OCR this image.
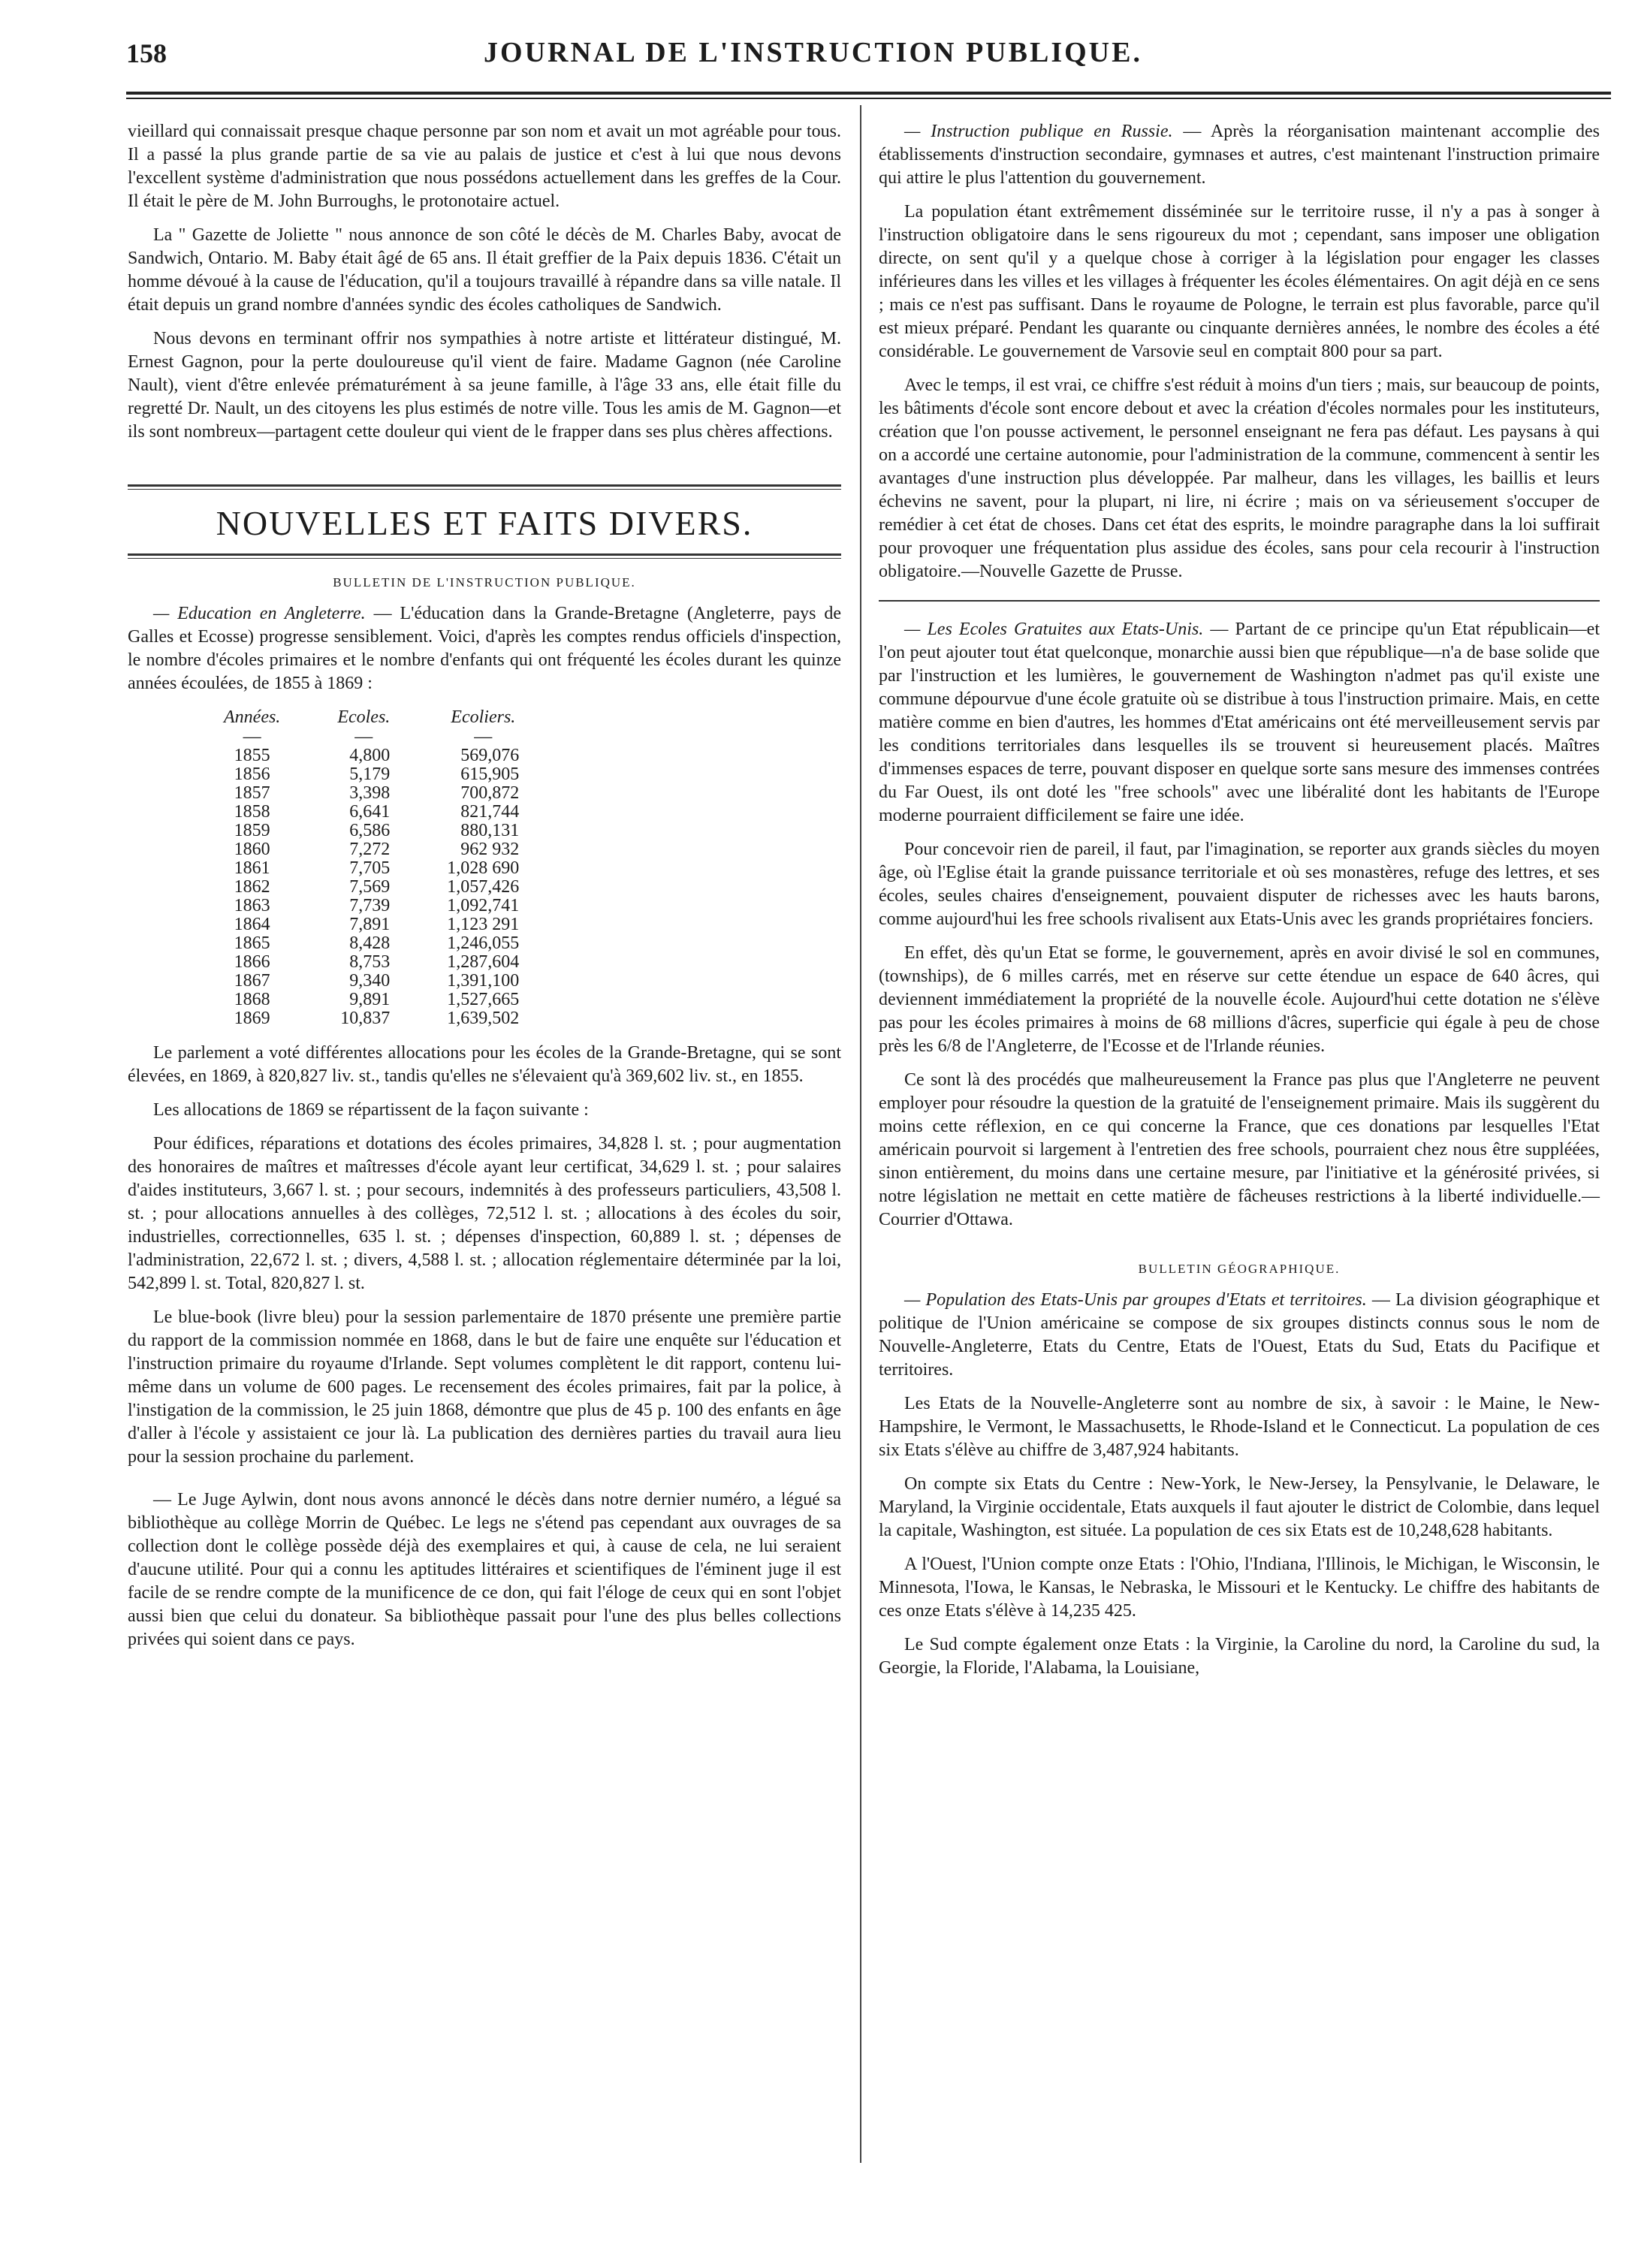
158	JOURNAL DE L'INSTRUCTION PUBLIQUE.

vieillard qui connaissait presque chaque personne par son nom et avait un mot agréable pour tous. Il a passé la plus grande partie de sa vie au palais de justice et c'est à lui que nous devons l'excellent système d'administration que nous possédons actuellement dans les greffes de la Cour. Il était le père de M. John Burroughs, le protonotaire actuel.

La " Gazette de Joliette " nous annonce de son côté le décès de M. Charles Baby, avocat de Sandwich, Ontario. M. Baby était âgé de 65 ans. Il était greffier de la Paix depuis 1836. C'était un homme dévoué à la cause de l'éducation, qu'il a toujours travaillé à répandre dans sa ville natale. Il était depuis un grand nombre d'années syndic des écoles catholiques de Sandwich.

Nous devons en terminant offrir nos sympathies à notre artiste et littérateur distingué, M. Ernest Gagnon, pour la perte douloureuse qu'il vient de faire. Madame Gagnon (née Caroline Nault), vient d'être enlevée prématurément à sa jeune famille, à l'âge 33 ans, elle était fille du regretté Dr. Nault, un des citoyens les plus estimés de notre ville. Tous les amis de M. Gagnon—et ils sont nombreux—partagent cette douleur qui vient de le frapper dans ses plus chères affections.

NOUVELLES ET FAITS DIVERS.
BULLETIN DE L'INSTRUCTION PUBLIQUE.

— Education en Angleterre. — L'éducation dans la Grande-Bretagne (Angleterre, pays de Galles et Ecosse) progresse sensiblement. Voici, d'après les comptes rendus officiels d'inspection, le nombre d'écoles primaires et le nombre d'enfants qui ont fréquenté les écoles durant les quinze années écoulées, de 1855 à 1869 :

Années.	Ecoles.	Ecoliers.
—	—	—
1855	4,800	569,076
1856	5,179	615,905
1857	3,398	700,872
1858	6,641	821,744
1859	6,586	880,131
1860	7,272	962 932
1861	7,705	1,028 690
1862	7,569	1,057,426
1863	7,739	1,092,741
1864	7,891	1,123 291
1865	8,428	1,246,055
1866	8,753	1,287,604
1867	9,340	1,391,100
1868	9,891	1,527,665
1869	10,837	1,639,502

Le parlement a voté différentes allocations pour les écoles de la Grande-Bretagne, qui se sont élevées, en 1869, à 820,827 liv. st., tandis qu'elles ne s'élevaient qu'à 369,602 liv. st., en 1855.

Les allocations de 1869 se répartissent de la façon suivante :

Pour édifices, réparations et dotations des écoles primaires, 34,828 l. st. ; pour augmentation des honoraires de maîtres et maîtresses d'école ayant leur certificat, 34,629 l. st. ; pour salaires d'aides instituteurs, 3,667 l. st. ; pour secours, indemnités à des professeurs particuliers, 43,508 l. st. ; pour allocations annuelles à des collèges, 72,512 l. st. ; allocations à des écoles du soir, industrielles, correctionnelles, 635 l. st. ; dépenses d'inspection, 60,889 l. st. ; dépenses de l'administration, 22,672 l. st. ; divers, 4,588 l. st. ; allocation réglementaire déterminée par la loi, 542,899 l. st. Total, 820,827 l. st.

Le blue-book (livre bleu) pour la session parlementaire de 1870 présente une première partie du rapport de la commission nommée en 1868, dans le but de faire une enquête sur l'éducation et l'instruction primaire du royaume d'Irlande. Sept volumes complètent le dit rapport, contenu lui-même dans un volume de 600 pages. Le recensement des écoles primaires, fait par la police, à l'instigation de la commission, le 25 juin 1868, démontre que plus de 45 p. 100 des enfants en âge d'aller à l'école y assistaient ce jour là. La publication des dernières parties du travail aura lieu pour la session prochaine du parlement.

— Le Juge Aylwin, dont nous avons annoncé le décès dans notre dernier numéro, a légué sa bibliothèque au collège Morrin de Québec. Le legs ne s'étend pas cependant aux ouvrages de sa collection dont le collège possède déjà des exemplaires et qui, à cause de cela, ne lui seraient d'aucune utilité. Pour qui a connu les aptitudes littéraires et scientifiques de l'éminent juge il est facile de se rendre compte de la munificence de ce don, qui fait l'éloge de ceux qui en sont l'objet aussi bien que celui du donateur. Sa bibliothèque passait pour l'une des plus belles collections privées qui soient dans ce pays.

— Instruction publique en Russie. — Après la réorganisation maintenant accomplie des établissements d'instruction secondaire, gymnases et autres, c'est maintenant l'instruction primaire qui attire le plus l'attention du gouvernement.

La population étant extrêmement disséminée sur le territoire russe, il n'y a pas à songer à l'instruction obligatoire dans le sens rigoureux du mot ; cependant, sans imposer une obligation directe, on sent qu'il y a quelque chose à corriger à la législation pour engager les classes inférieures dans les villes et les villages à fréquenter les écoles élémentaires. On agit déjà en ce sens ; mais ce n'est pas suffisant. Dans le royaume de Pologne, le terrain est plus favorable, parce qu'il est mieux préparé. Pendant les quarante ou cinquante dernières années, le nombre des écoles a été considérable. Le gouvernement de Varsovie seul en comptait 800 pour sa part.

Avec le temps, il est vrai, ce chiffre s'est réduit à moins d'un tiers ; mais, sur beaucoup de points, les bâtiments d'école sont encore debout et avec la création d'écoles normales pour les instituteurs, création que l'on pousse activement, le personnel enseignant ne fera pas défaut. Les paysans à qui on a accordé une certaine autonomie, pour l'administration de la commune, commencent à sentir les avantages d'une instruction plus développée. Par malheur, dans les villages, les baillis et leurs échevins ne savent, pour la plupart, ni lire, ni écrire ; mais on va sérieusement s'occuper de remédier à cet état de choses. Dans cet état des esprits, le moindre paragraphe dans la loi suffirait pour provoquer une fréquentation plus assidue des écoles, sans pour cela recourir à l'instruction obligatoire.—Nouvelle Gazette de Prusse.

— Les Ecoles Gratuites aux Etats-Unis. — Partant de ce principe qu'un Etat républicain—et l'on peut ajouter tout état quelconque, monarchie aussi bien que république—n'a de base solide que par l'instruction et les lumières, le gouvernement de Washington n'admet pas qu'il existe une commune dépourvue d'une école gratuite où se distribue à tous l'instruction primaire. Mais, en cette matière comme en bien d'autres, les hommes d'Etat américains ont été merveilleusement servis par les conditions territoriales dans lesquelles ils se trouvent si heureusement placés. Maîtres d'immenses espaces de terre, pouvant disposer en quelque sorte sans mesure des immenses contrées du Far Ouest, ils ont doté les "free schools" avec une libéralité dont les habitants de l'Europe moderne pourraient difficilement se faire une idée.

Pour concevoir rien de pareil, il faut, par l'imagination, se reporter aux grands siècles du moyen âge, où l'Eglise était la grande puissance territoriale et où ses monastères, refuge des lettres, et ses écoles, seules chaires d'enseignement, pouvaient disputer de richesses avec les hauts barons, comme aujourd'hui les free schools rivalisent aux Etats-Unis avec les grands propriétaires fonciers.

En effet, dès qu'un Etat se forme, le gouvernement, après en avoir divisé le sol en communes, (townships), de 6 milles carrés, met en réserve sur cette étendue un espace de 640 âcres, qui deviennent immédiatement la propriété de la nouvelle école. Aujourd'hui cette dotation ne s'élève pas pour les écoles primaires à moins de 68 millions d'âcres, superficie qui égale à peu de chose près les 6/8 de l'Angleterre, de l'Ecosse et de l'Irlande réunies.

Ce sont là des procédés que malheureusement la France pas plus que l'Angleterre ne peuvent employer pour résoudre la question de la gratuité de l'enseignement primaire. Mais ils suggèrent du moins cette réflexion, en ce qui concerne la France, que ces donations par lesquelles l'Etat américain pourvoit si largement à l'entretien des free schools, pourraient chez nous être suppléées, sinon entièrement, du moins dans une certaine mesure, par l'initiative et la générosité privées, si notre législation ne mettait en cette matière de fâcheuses restrictions à la liberté individuelle.—Courrier d'Ottawa.

BULLETIN GÉOGRAPHIQUE.

— Population des Etats-Unis par groupes d'Etats et territoires. — La division géographique et politique de l'Union américaine se compose de six groupes distincts connus sous le nom de Nouvelle-Angleterre, Etats du Centre, Etats de l'Ouest, Etats du Sud, Etats du Pacifique et territoires.

Les Etats de la Nouvelle-Angleterre sont au nombre de six, à savoir : le Maine, le New-Hampshire, le Vermont, le Massachusetts, le Rhode-Island et le Connecticut. La population de ces six Etats s'élève au chiffre de 3,487,924 habitants.

On compte six Etats du Centre : New-York, le New-Jersey, la Pensylvanie, le Delaware, le Maryland, la Virginie occidentale, Etats auxquels il faut ajouter le district de Colombie, dans lequel la capitale, Washington, est située. La population de ces six Etats est de 10,248,628 habitants.

A l'Ouest, l'Union compte onze Etats : l'Ohio, l'Indiana, l'Illinois, le Michigan, le Wisconsin, le Minnesota, l'Iowa, le Kansas, le Nebraska, le Missouri et le Kentucky. Le chiffre des habitants de ces onze Etats s'élève à 14,235 425.

Le Sud compte également onze Etats : la Virginie, la Caroline du nord, la Caroline du sud, la Georgie, la Floride, l'Alabama, la Louisiane,
